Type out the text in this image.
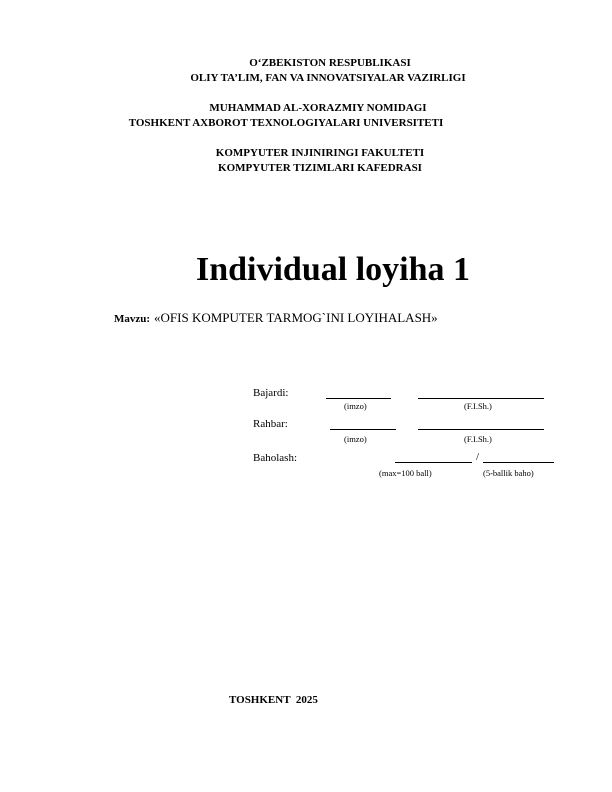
O‘ZBEKISTON RESPUBLIKASI
OLIY TA’LIM, FAN VA INNOVATSIYALAR VAZIRLIGI
MUHAMMAD AL-XORAZMIY NOMIDAGI
TOSHKENT AXBOROT TEXNOLOGIYALARI UNIVERSITETI
KOMPYUTER INJINIRINGI FAKULTETI
KOMPYUTER TIZIMLARI KAFEDRASI
Individual loyiha 1
Mavzu: «OFIS KOMPUTER TARMOG`INI LOYIHALASH»
Bajardi:
(imzo)	(F.I.Sh.)
Rahbar:
(imzo)	(F.I.Sh.)
Baholash:	/
(max=100 ball)	(5-ballik baho)
TOSHKENT  2025
